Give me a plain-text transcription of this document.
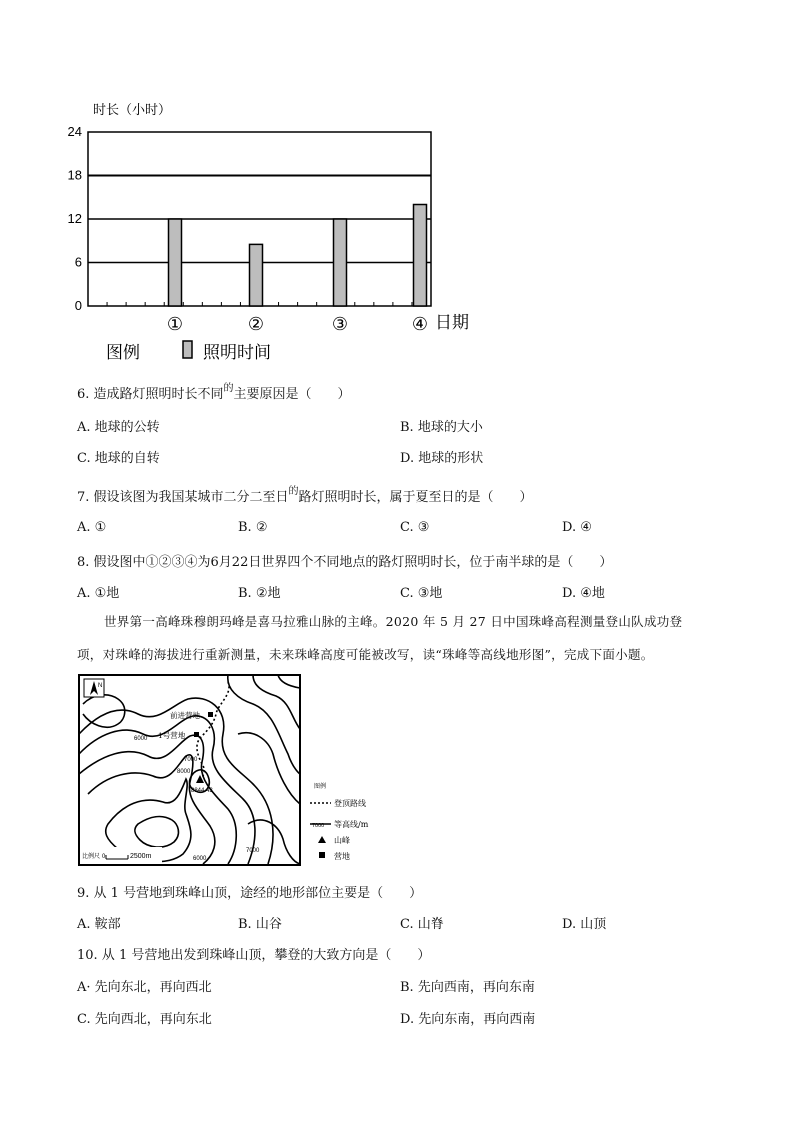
时长（小时）
0
6
12
18
24
①	②	③	④ 日期
图例	照明时间
6. 造成路灯照明时长不同$^的$主要原因是（　　）
A. 地球的公转	B. 地球的大小
C. 地球的自转	D. 地球的形状
7. 假设该图为我国某城市二分二至日$^的$路灯照明时长，属于夏至日的是（　　）
A. ①	B. ②	C. ③	D. ④
8. 假设图中①②③④为6月22日世界四个不同地点的路灯照明时长，位于南半球的是（　　）
A. ①地	B. ②地	C. ③地	D. ④地
世界第一高峰珠穆朗玛峰是喜马拉雅山脉的主峰。2020 年 5 月 27 日中国珠峰高程测量登山队成功登
项，对珠峰的海拔进行重新测量，未来珠峰高度可能被改写，读“珠峰等高线地形图”，完成下面小题。
N
前进营地
6000 1号营地
7000
8000
8844.43
6000
7000
比例尺 0	2500m
图例
登顶路线
7000 等高线/m
山峰
营地
9. 从 1 号营地到珠峰山顶，途经的地形部位主要是（　　）
A. 鞍部	B. 山谷	C. 山脊	D. 山顶
10. 从 1 号营地出发到珠峰山顶，攀登的大致方向是（　　）
A· 先向东北，再向西北	B. 先向西南，再向东南
C. 先向西北，再向东北	D. 先向东南，再向西南
